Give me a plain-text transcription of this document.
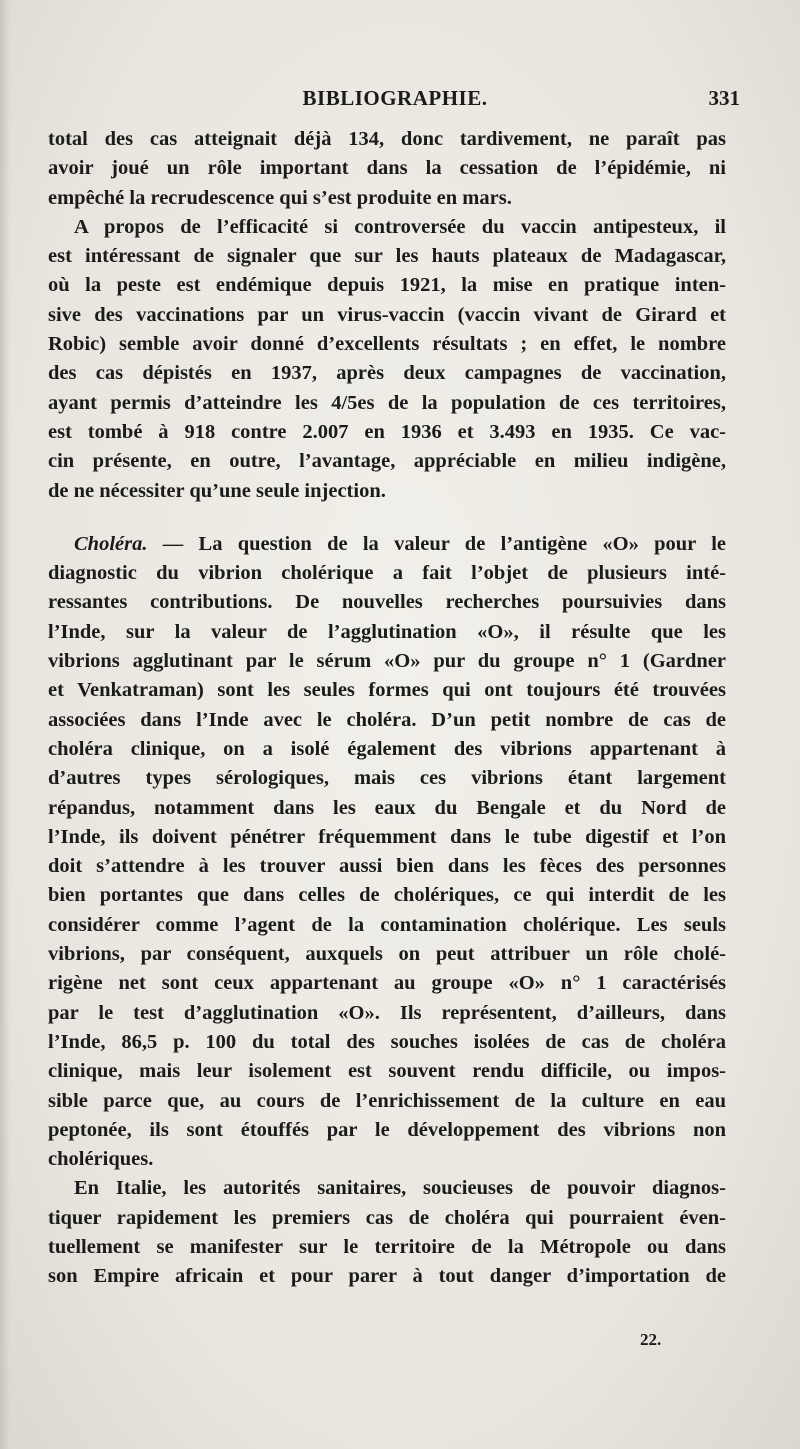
BIBLIOGRAPHIE.	331
total des cas atteignait déjà 134, donc tardivement, ne paraît pas
avoir joué un rôle important dans la cessation de l’épidémie, ni
empêché la recrudescence qui s’est produite en mars.
A propos de l’efficacité si controversée du vaccin antipesteux, il
est intéressant de signaler que sur les hauts plateaux de Madagascar,
où la peste est endémique depuis 1921, la mise en pratique inten-
sive des vaccinations par un virus-vaccin (vaccin vivant de Girard et
Robic) semble avoir donné d’excellents résultats ; en effet, le nombre
des cas dépistés en 1937, après deux campagnes de vaccination,
ayant permis d’atteindre les 4/5es de la population de ces territoires,
est tombé à 918 contre 2.007 en 1936 et 3.493 en 1935. Ce vac-
cin présente, en outre, l’avantage, appréciable en milieu indigène,
de ne nécessiter qu’une seule injection.
Choléra. — La question de la valeur de l’antigène «O» pour le
diagnostic du vibrion cholérique a fait l’objet de plusieurs inté-
ressantes contributions. De nouvelles recherches poursuivies dans
l’Inde, sur la valeur de l’agglutination «O», il résulte que les
vibrions agglutinant par le sérum «O» pur du groupe n° 1 (Gardner
et Venkatraman) sont les seules formes qui ont toujours été trouvées
associées dans l’Inde avec le choléra. D’un petit nombre de cas de
choléra clinique, on a isolé également des vibrions appartenant à
d’autres types sérologiques, mais ces vibrions étant largement
répandus, notamment dans les eaux du Bengale et du Nord de
l’Inde, ils doivent pénétrer fréquemment dans le tube digestif et l’on
doit s’attendre à les trouver aussi bien dans les fèces des personnes
bien portantes que dans celles de cholériques, ce qui interdit de les
considérer comme l’agent de la contamination cholérique. Les seuls
vibrions, par conséquent, auxquels on peut attribuer un rôle cholé-
rigène net sont ceux appartenant au groupe «O» n° 1 caractérisés
par le test d’agglutination «O». Ils représentent, d’ailleurs, dans
l’Inde, 86,5 p. 100 du total des souches isolées de cas de choléra
clinique, mais leur isolement est souvent rendu difficile, ou impos-
sible parce que, au cours de l’enrichissement de la culture en eau
peptonée, ils sont étouffés par le développement des vibrions non
cholériques.
En Italie, les autorités sanitaires, soucieuses de pouvoir diagnos-
tiquer rapidement les premiers cas de choléra qui pourraient éven-
tuellement se manifester sur le territoire de la Métropole ou dans
son Empire africain et pour parer à tout danger d’importation de
22.
